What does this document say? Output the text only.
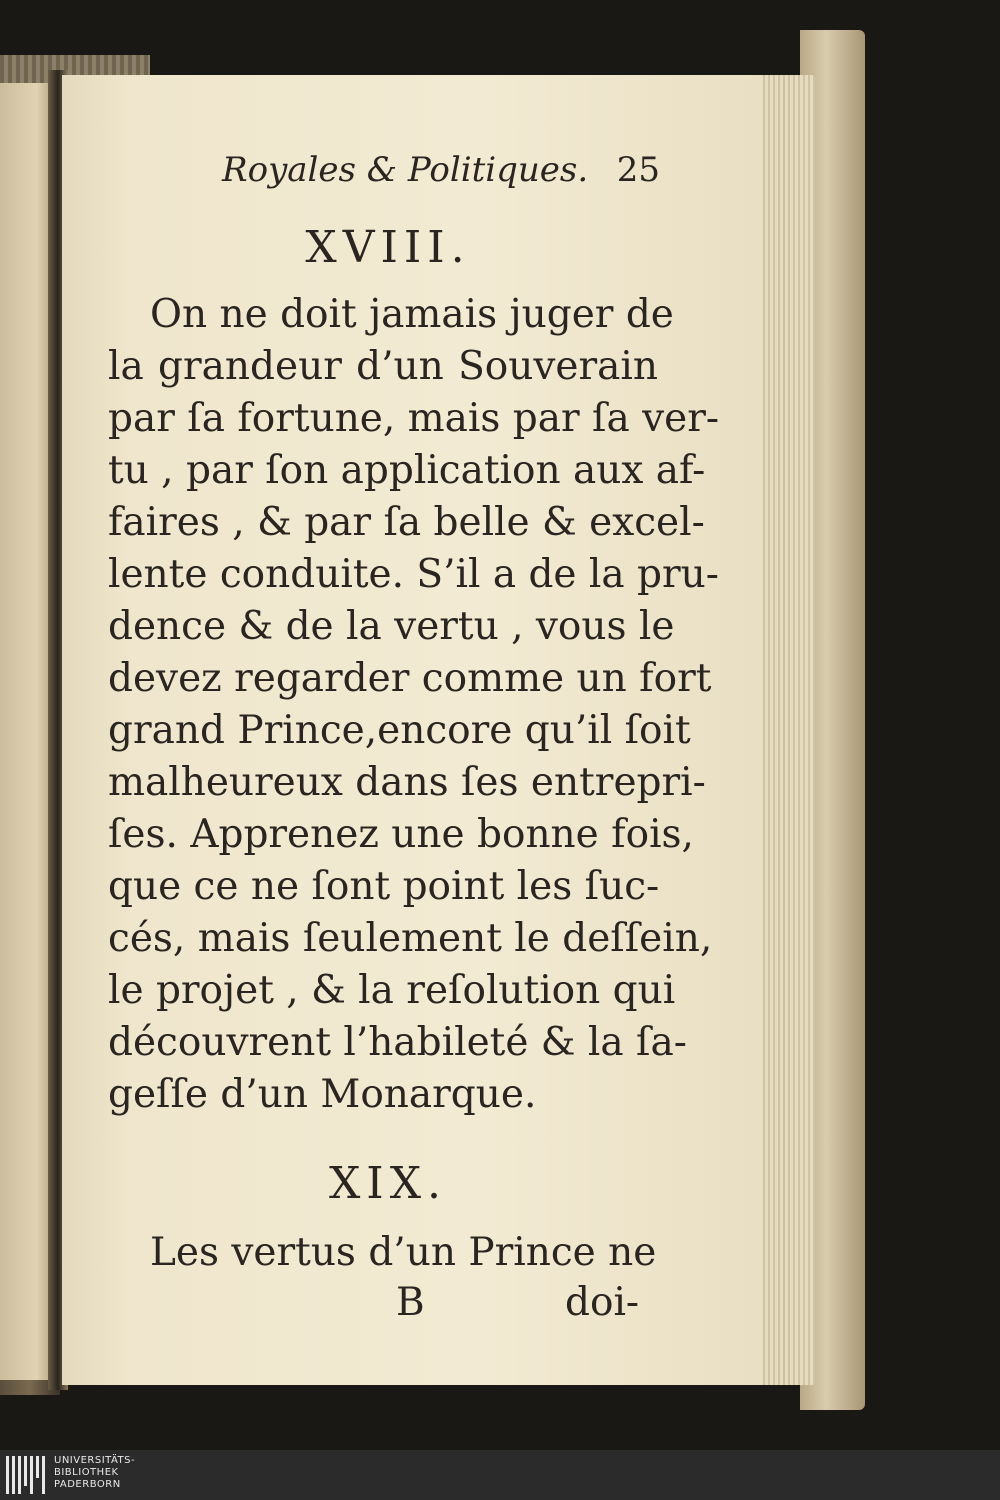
Royales & Politiques. 25
XVIII.
On ne doit jamais juger de
la grandeur d’un Souverain
par ſa fortune, mais par ſa ver-
tu , par ſon application aux af-
faires , & par ſa belle & excel-
lente conduite. S’il a de la pru-
dence & de la vertu , vous le
devez regarder comme un fort
grand Prince,encore qu’il ſoit
malheureux dans ſes entrepri-
ſes. Apprenez une bonne fois,
que ce ne ſont point les ſuc-
cés, mais ſeulement le deſſein,
le projet , & la reſolution qui
découvrent l’habileté & la ſa-
geſſe d’un Monarque.
XIX.
Les vertus d’un Prince ne
B	doi-
UNIVERSITÄTS-
BIBLIOTHEK
PADERBORN
